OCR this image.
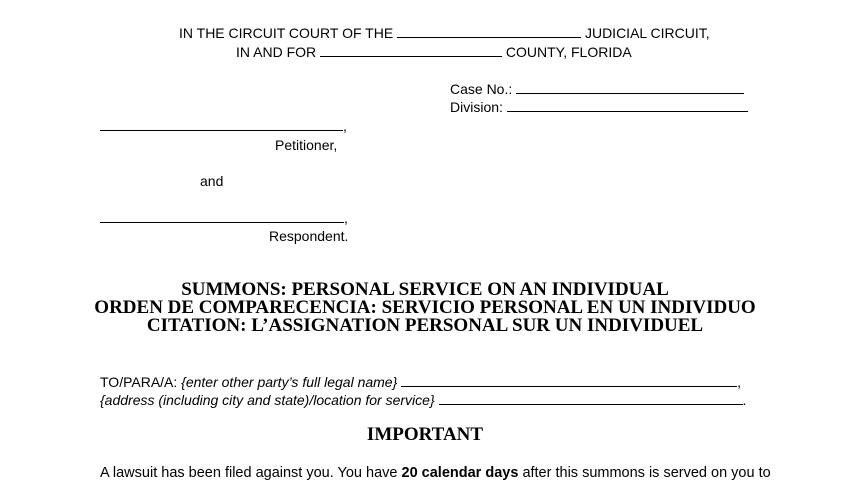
IN THE CIRCUIT COURT OF THE	JUDICIAL CIRCUIT,
IN AND FOR	COUNTY, FLORIDA
Case No.:
Division:
,
Petitioner,
and
,
Respondent.
SUMMONS: PERSONAL SERVICE ON AN INDIVIDUAL
ORDEN DE COMPARECENCIA: SERVICIO PERSONAL EN UN INDIVIDUO
CITATION: L’ASSIGNATION PERSONAL SUR UN INDIVIDUEL
TO/PARA/A: {enter other party’s full legal name}	,
{address (including city and state)/location for service}	.
IMPORTANT
A lawsuit has been filed against you. You have 20 calendar days after this summons is served on you to
